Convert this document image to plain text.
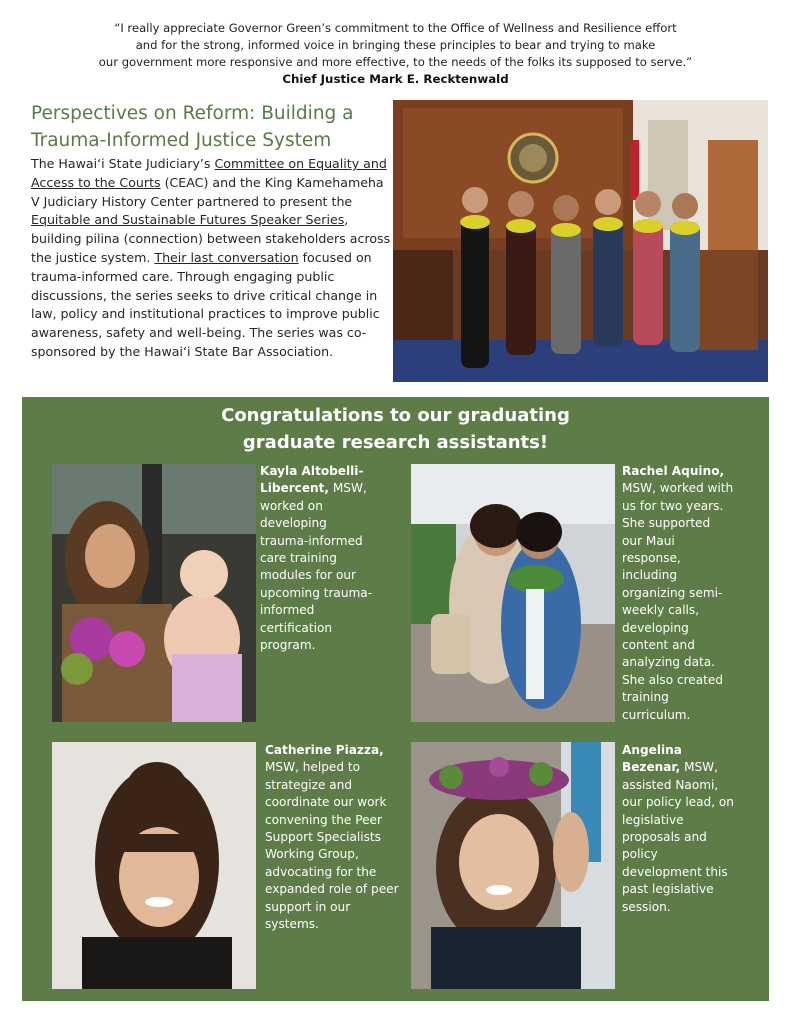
“I really appreciate Governor Green’s commitment to the Office of Wellness and Resilience effort
and for the strong, informed voice in bringing these principles to bear and trying to make
our government more responsive and more effective, to the needs of the folks its supposed to serve.”
Chief Justice Mark E. Recktenwald
Perspectives on Reform: Building a
Trauma-Informed Justice System
The Hawai‘i State Judiciary’s Committee on Equality and Access to the Courts (CEAC) and the King Kamehameha V Judiciary History Center partnered to present the Equitable and Sustainable Futures Speaker Series, building pilina (connection) between stakeholders across the justice system. Their last conversation focused on trauma-informed care. Through engaging public discussions, the series seeks to drive critical change in law, policy and institutional practices to improve public awareness, safety and well-being. The series was co-sponsored by the Hawai‘i State Bar Association.
Congratulations to our graduating
graduate research assistants!
Kayla Altobelli-Libercent, MSW, worked on developing trauma-informed care training modules for our upcoming trauma-informed certification program.
Rachel Aquino, MSW, worked with us for two years. She supported our Maui response, including organizing semi-weekly calls, developing content and analyzing data. She also created training curriculum.
Catherine Piazza, MSW, helped to strategize and coordinate our work convening the Peer Support Specialists Working Group, advocating for the expanded role of peer support in our systems.
Angelina Bezenar, MSW, assisted Naomi, our policy lead, on legislative proposals and policy development this past legislative session.
